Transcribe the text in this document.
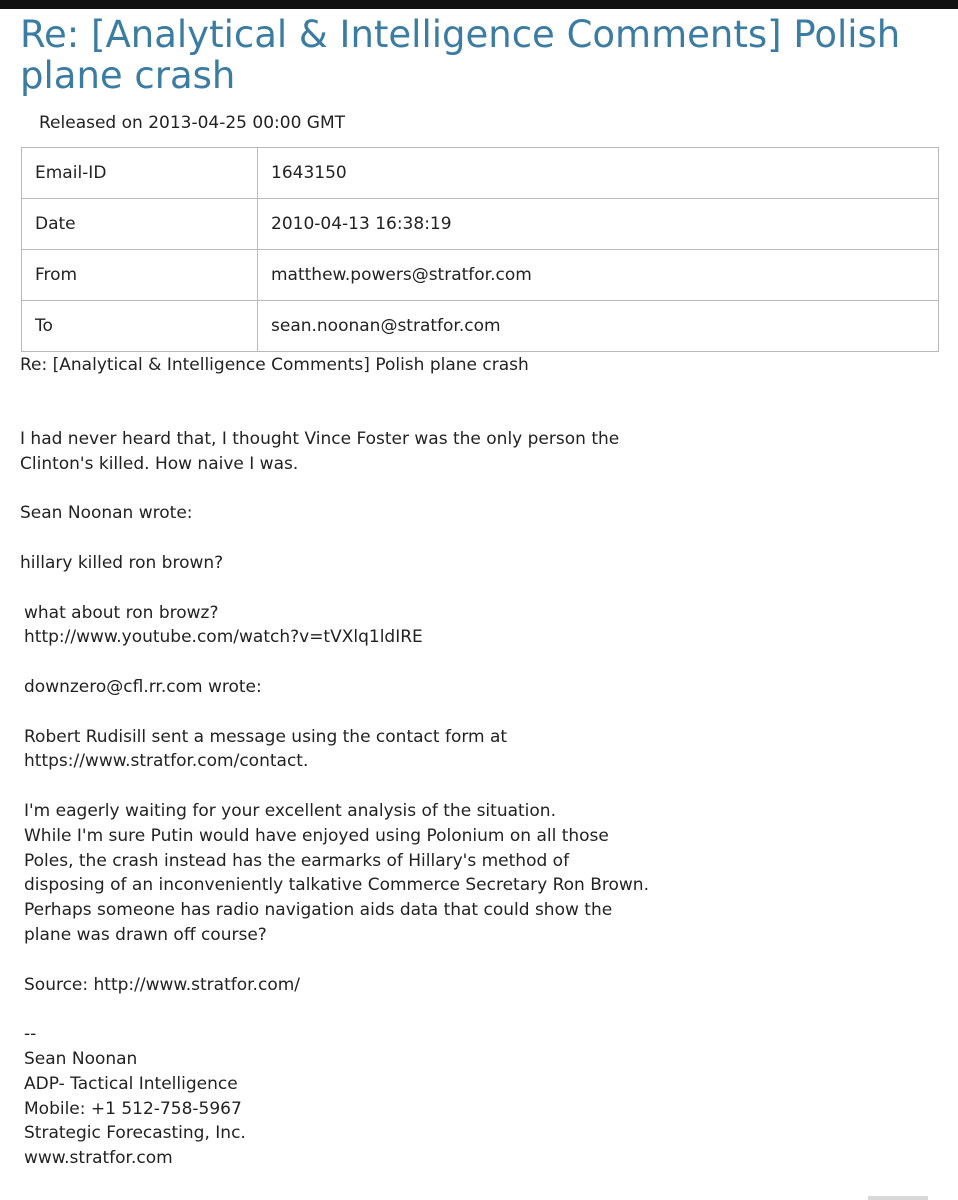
Re: [Analytical & Intelligence Comments] Polish plane crash
Released on 2013-04-25 00:00 GMT
Email-ID	1643150
Date	2010-04-13 16:38:19
From	matthew.powers@stratfor.com
To	sean.noonan@stratfor.com
Re: [Analytical & Intelligence Comments] Polish plane crash

I had never heard that, I thought Vince Foster was the only person the

Clinton's killed. How naive I was.

Sean Noonan wrote:

hillary killed ron brown?

what about ron browz?

http://www.youtube.com/watch?v=tVXlq1ldIRE

downzero@cfl.rr.com wrote:

Robert Rudisill sent a message using the contact form at

https://www.stratfor.com/contact.

I'm eagerly waiting for your excellent analysis of the situation.

While I'm sure Putin would have enjoyed using Polonium on all those

Poles, the crash instead has the earmarks of Hillary's method of

disposing of an inconveniently talkative Commerce Secretary Ron Brown.

Perhaps someone has radio navigation aids data that could show the

plane was drawn off course?

Source: http://www.stratfor.com/

--

Sean Noonan

ADP- Tactical Intelligence

Mobile: +1 512-758-5967

Strategic Forecasting, Inc.

www.stratfor.com
